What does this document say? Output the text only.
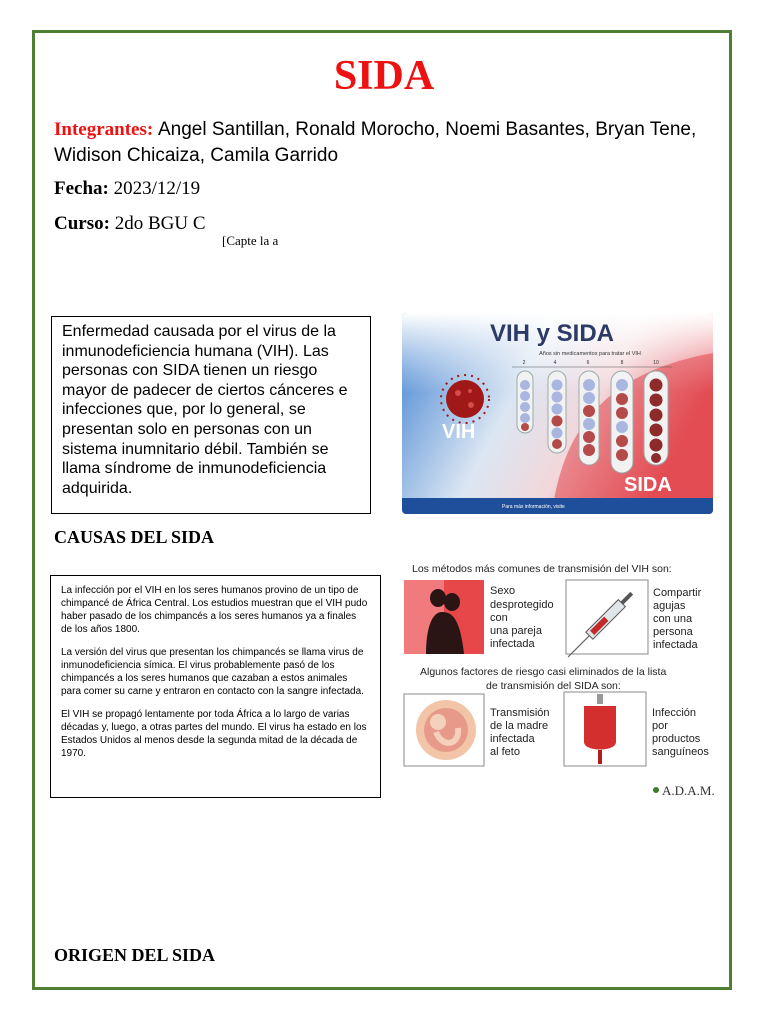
SIDA
Integrantes: Angel Santillan, Ronald Morocho, Noemi Basantes, Bryan Tene,
Widison Chicaiza, Camila Garrido
Fecha: 2023/12/19
Curso: 2do BGU C
[Capte la a
Enfermedad causada por el virus de la inmunodeficiencia humana (VIH). Las personas con SIDA tienen un riesgo mayor de padecer de ciertos cánceres e infecciones que, por lo general, se presentan solo en personas con un sistema inumnitario débil. También se llama síndrome de inmunodeficiencia adquirida.
VIH y SIDA
Años sin medicamentos para tratar el VIH
2	4	6	8	10
VIH
SIDA
Para más información, visite
CAUSAS DEL SIDA

La infección por el VIH en los seres humanos provino de un tipo de chimpancé de África Central. Los estudios muestran que el VIH pudo haber pasado de los chimpancés a los seres humanos ya a finales de los años 1800.

La versión del virus que presentan los chimpancés se llama virus de inmunodeficiencia símica. El virus probablemente pasó de los chimpancés a los seres humanos que cazaban a estos animales para comer su carne y entraron en contacto con la sangre infectada.

El VIH se propagó lentamente por toda África a lo largo de varias décadas y, luego, a otras partes del mundo. El virus ha estado en los Estados Unidos al menos desde la segunda mitad de la década de 1970.

Los métodos más comunes de transmisión del VIH son:
Sexo
desprotegido
con
una pareja
infectada
Compartir
agujas
con una
persona
infectada
Algunos factores de riesgo casi eliminados de la lista
de transmisión del SIDA son:
Transmisión
de la madre
infectada
al feto
Infección
por
productos
sanguíneos
A.D.A.M.
ORIGEN DEL SIDA
